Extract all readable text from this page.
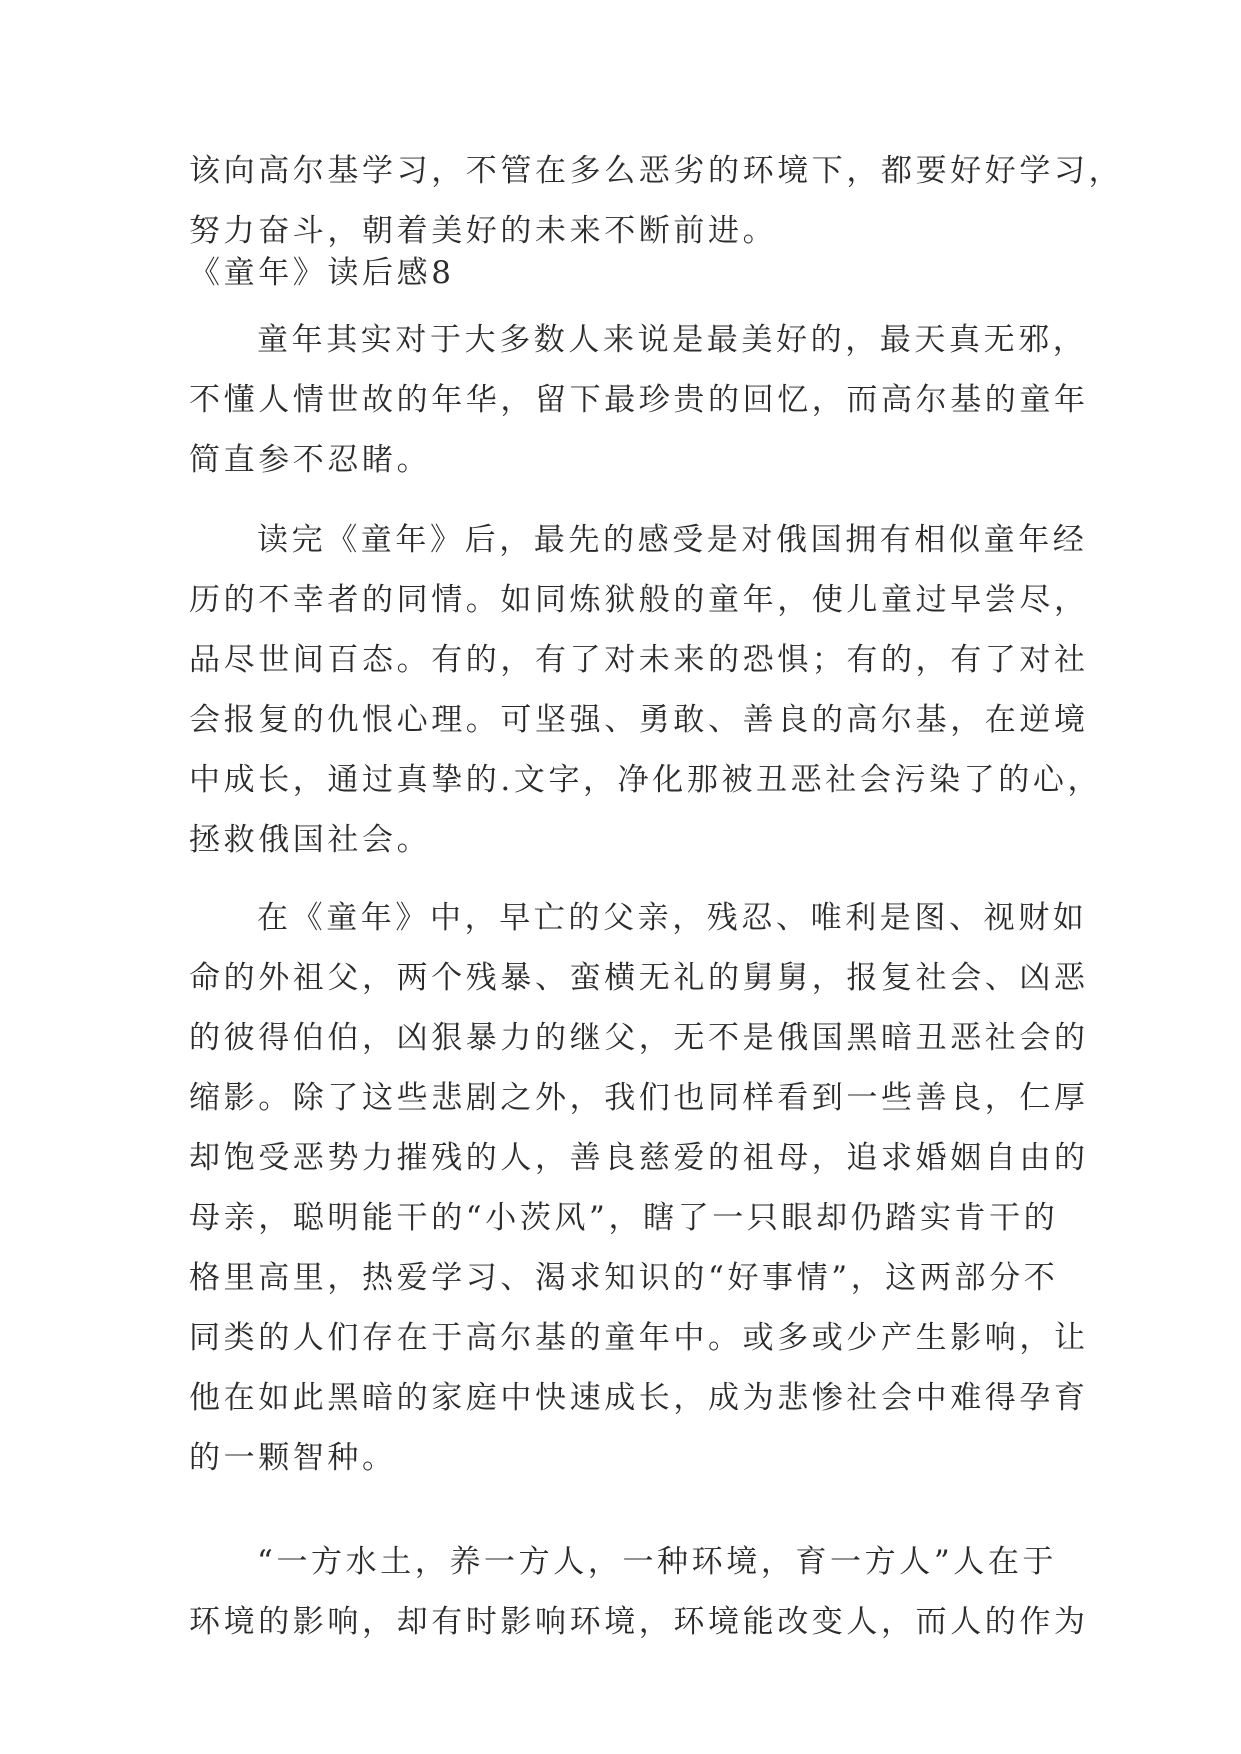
该向高尔基学习，不管在多么恶劣的环境下，都要好好学习，
努力奋斗，朝着美好的未来不断前进。
《童年》读后感8
童年其实对于大多数人来说是最美好的，最天真无邪，
不懂人情世故的年华，留下最珍贵的回忆，而高尔基的童年
简直参不忍睹。
读完《童年》后，最先的感受是对俄国拥有相似童年经
历的不幸者的同情。如同炼狱般的童年，使儿童过早尝尽，
品尽世间百态。有的，有了对未来的恐惧；有的，有了对社
会报复的仇恨心理。可坚强、勇敢、善良的高尔基，在逆境
中成长，通过真挚的.文字，净化那被丑恶社会污染了的心，
拯救俄国社会。
在《童年》中，早亡的父亲，残忍、唯利是图、视财如
命的外祖父，两个残暴、蛮横无礼的舅舅，报复社会、凶恶
的彼得伯伯，凶狠暴力的继父，无不是俄国黑暗丑恶社会的
缩影。除了这些悲剧之外，我们也同样看到一些善良，仁厚
却饱受恶势力摧残的人，善良慈爱的祖母，追求婚姻自由的
母亲，聪明能干的“小茨风”，瞎了一只眼却仍踏实肯干的
格里高里，热爱学习、渴求知识的“好事情”，这两部分不
同类的人们存在于高尔基的童年中。或多或少产生影响，让
他在如此黑暗的家庭中快速成长，成为悲惨社会中难得孕育
的一颗智种。
“一方水土，养一方人，一种环境，育一方人”人在于
环境的影响，却有时影响环境，环境能改变人，而人的作为
